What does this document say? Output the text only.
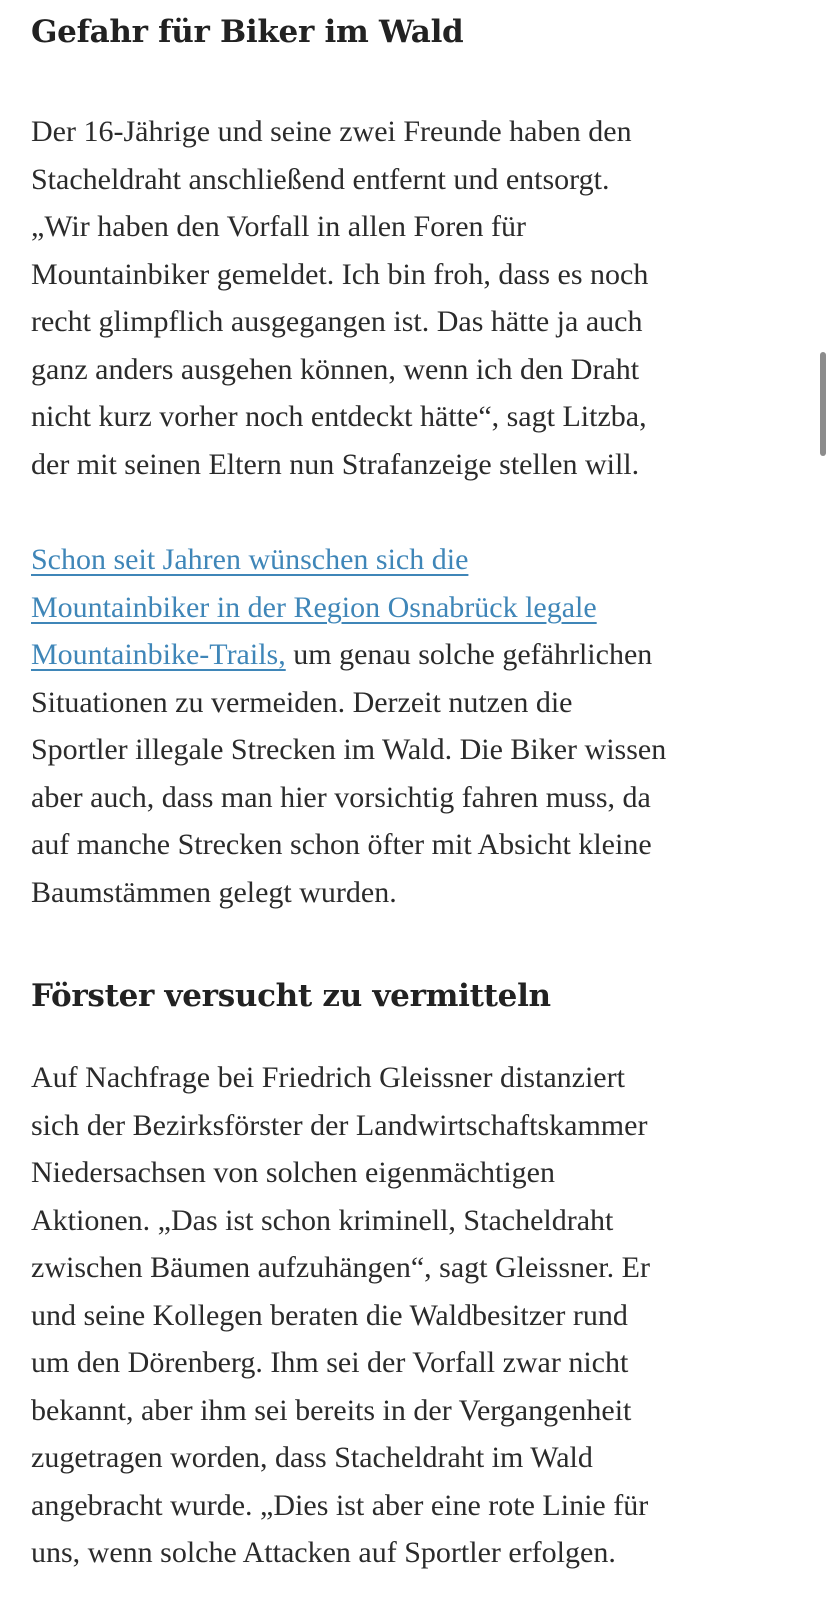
Gefahr für Biker im Wald

Der 16-Jährige und seine zwei Freunde haben den
Stacheldraht anschließend entfernt und entsorgt.
„Wir haben den Vorfall in allen Foren für
Mountainbiker gemeldet. Ich bin froh, dass es noch
recht glimpflich ausgegangen ist. Das hätte ja auch
ganz anders ausgehen können, wenn ich den Draht
nicht kurz vorher noch entdeckt hätte“, sagt Litzba,
der mit seinen Eltern nun Strafanzeige stellen will.

Schon seit Jahren wünschen sich die
Mountainbiker in der Region Osnabrück legale
Mountainbike-Trails, um genau solche gefährlichen
Situationen zu vermeiden. Derzeit nutzen die
Sportler illegale Strecken im Wald. Die Biker wissen
aber auch, dass man hier vorsichtig fahren muss, da
auf manche Strecken schon öfter mit Absicht kleine
Baumstämmen gelegt wurden.

Förster versucht zu vermitteln

Auf Nachfrage bei Friedrich Gleissner distanziert
sich der Bezirksförster der Landwirtschaftskammer
Niedersachsen von solchen eigenmächtigen
Aktionen. „Das ist schon kriminell, Stacheldraht
zwischen Bäumen aufzuhängen“, sagt Gleissner. Er
und seine Kollegen beraten die Waldbesitzer rund
um den Dörenberg. Ihm sei der Vorfall zwar nicht
bekannt, aber ihm sei bereits in der Vergangenheit
zugetragen worden, dass Stacheldraht im Wald
angebracht wurde. „Dies ist aber eine rote Linie für
uns, wenn solche Attacken auf Sportler erfolgen.
